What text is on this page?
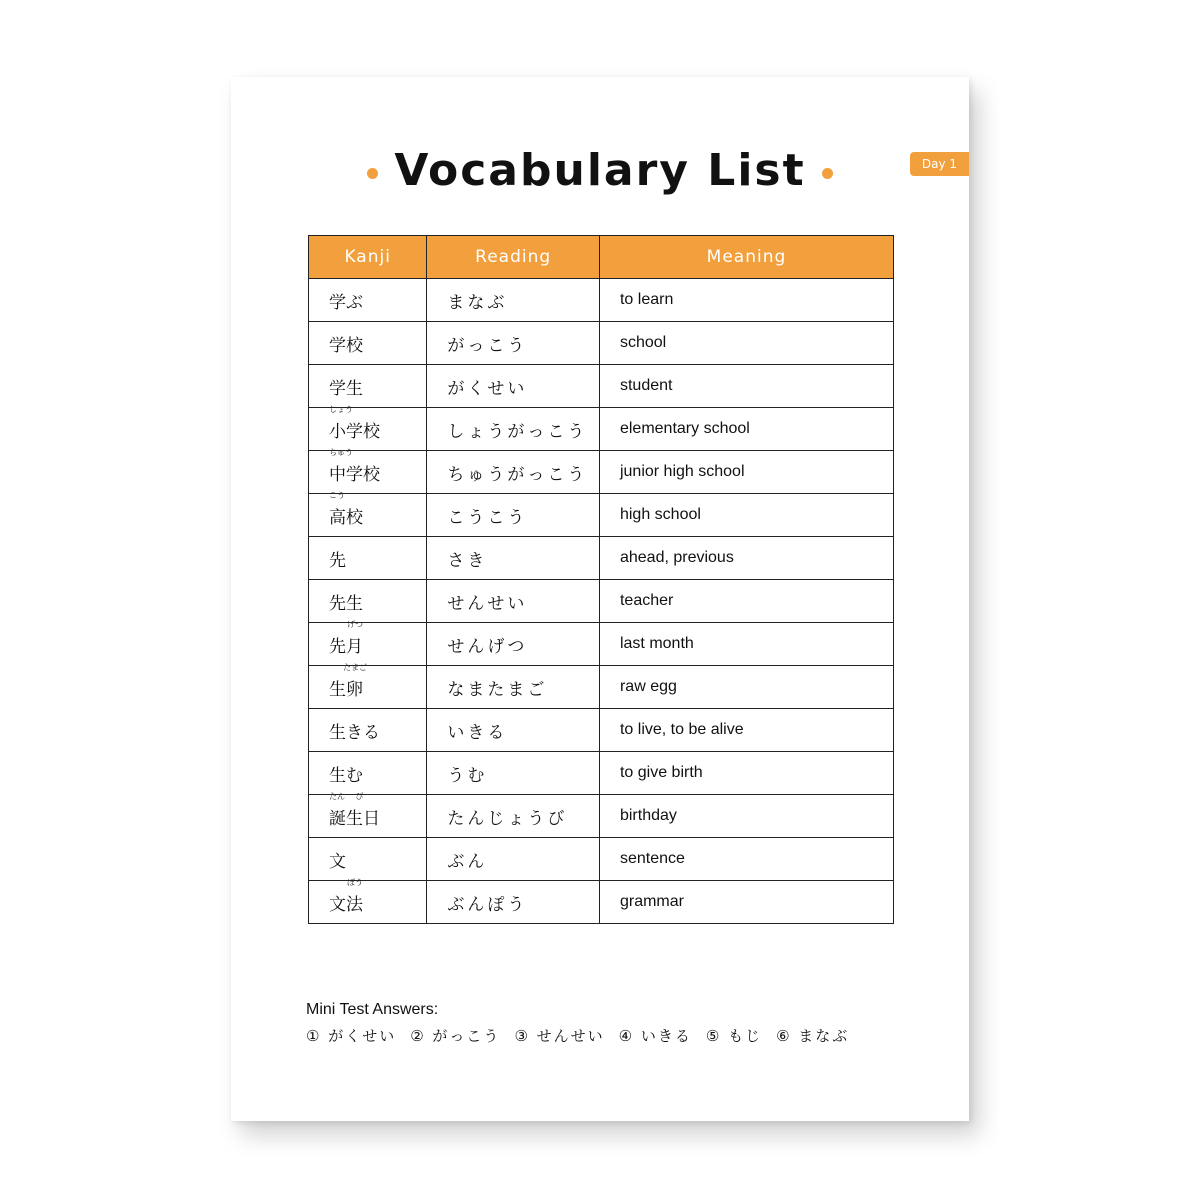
Vocabulary List	Day 1
Kanji	Reading	Meaning
学ぶ	まなぶ	to learn
学校	がっこう	school
学生	がくせい	student

しょう
小学校	しょうがっこう	elementary school

ちゅう
中学校	ちゅうがっこう	junior high school

こう
高校	こうこう	high school
先	さき	ahead, previous
先生	せんせい	teacher

げつ
先月	せんげつ	last month

たまご
生卵	なまたまご	raw egg
生きる	いきる	to live, to be alive
生む	うむ	to give birth

たん　 び
誕生日	たんじょうび	birthday
文	ぶん	sentence

ぽう
文法	ぶんぽう	grammar
Mini Test Answers:
① がくせい ② がっこう ③ せんせい ④ いきる ⑤ もじ ⑥ まなぶ
